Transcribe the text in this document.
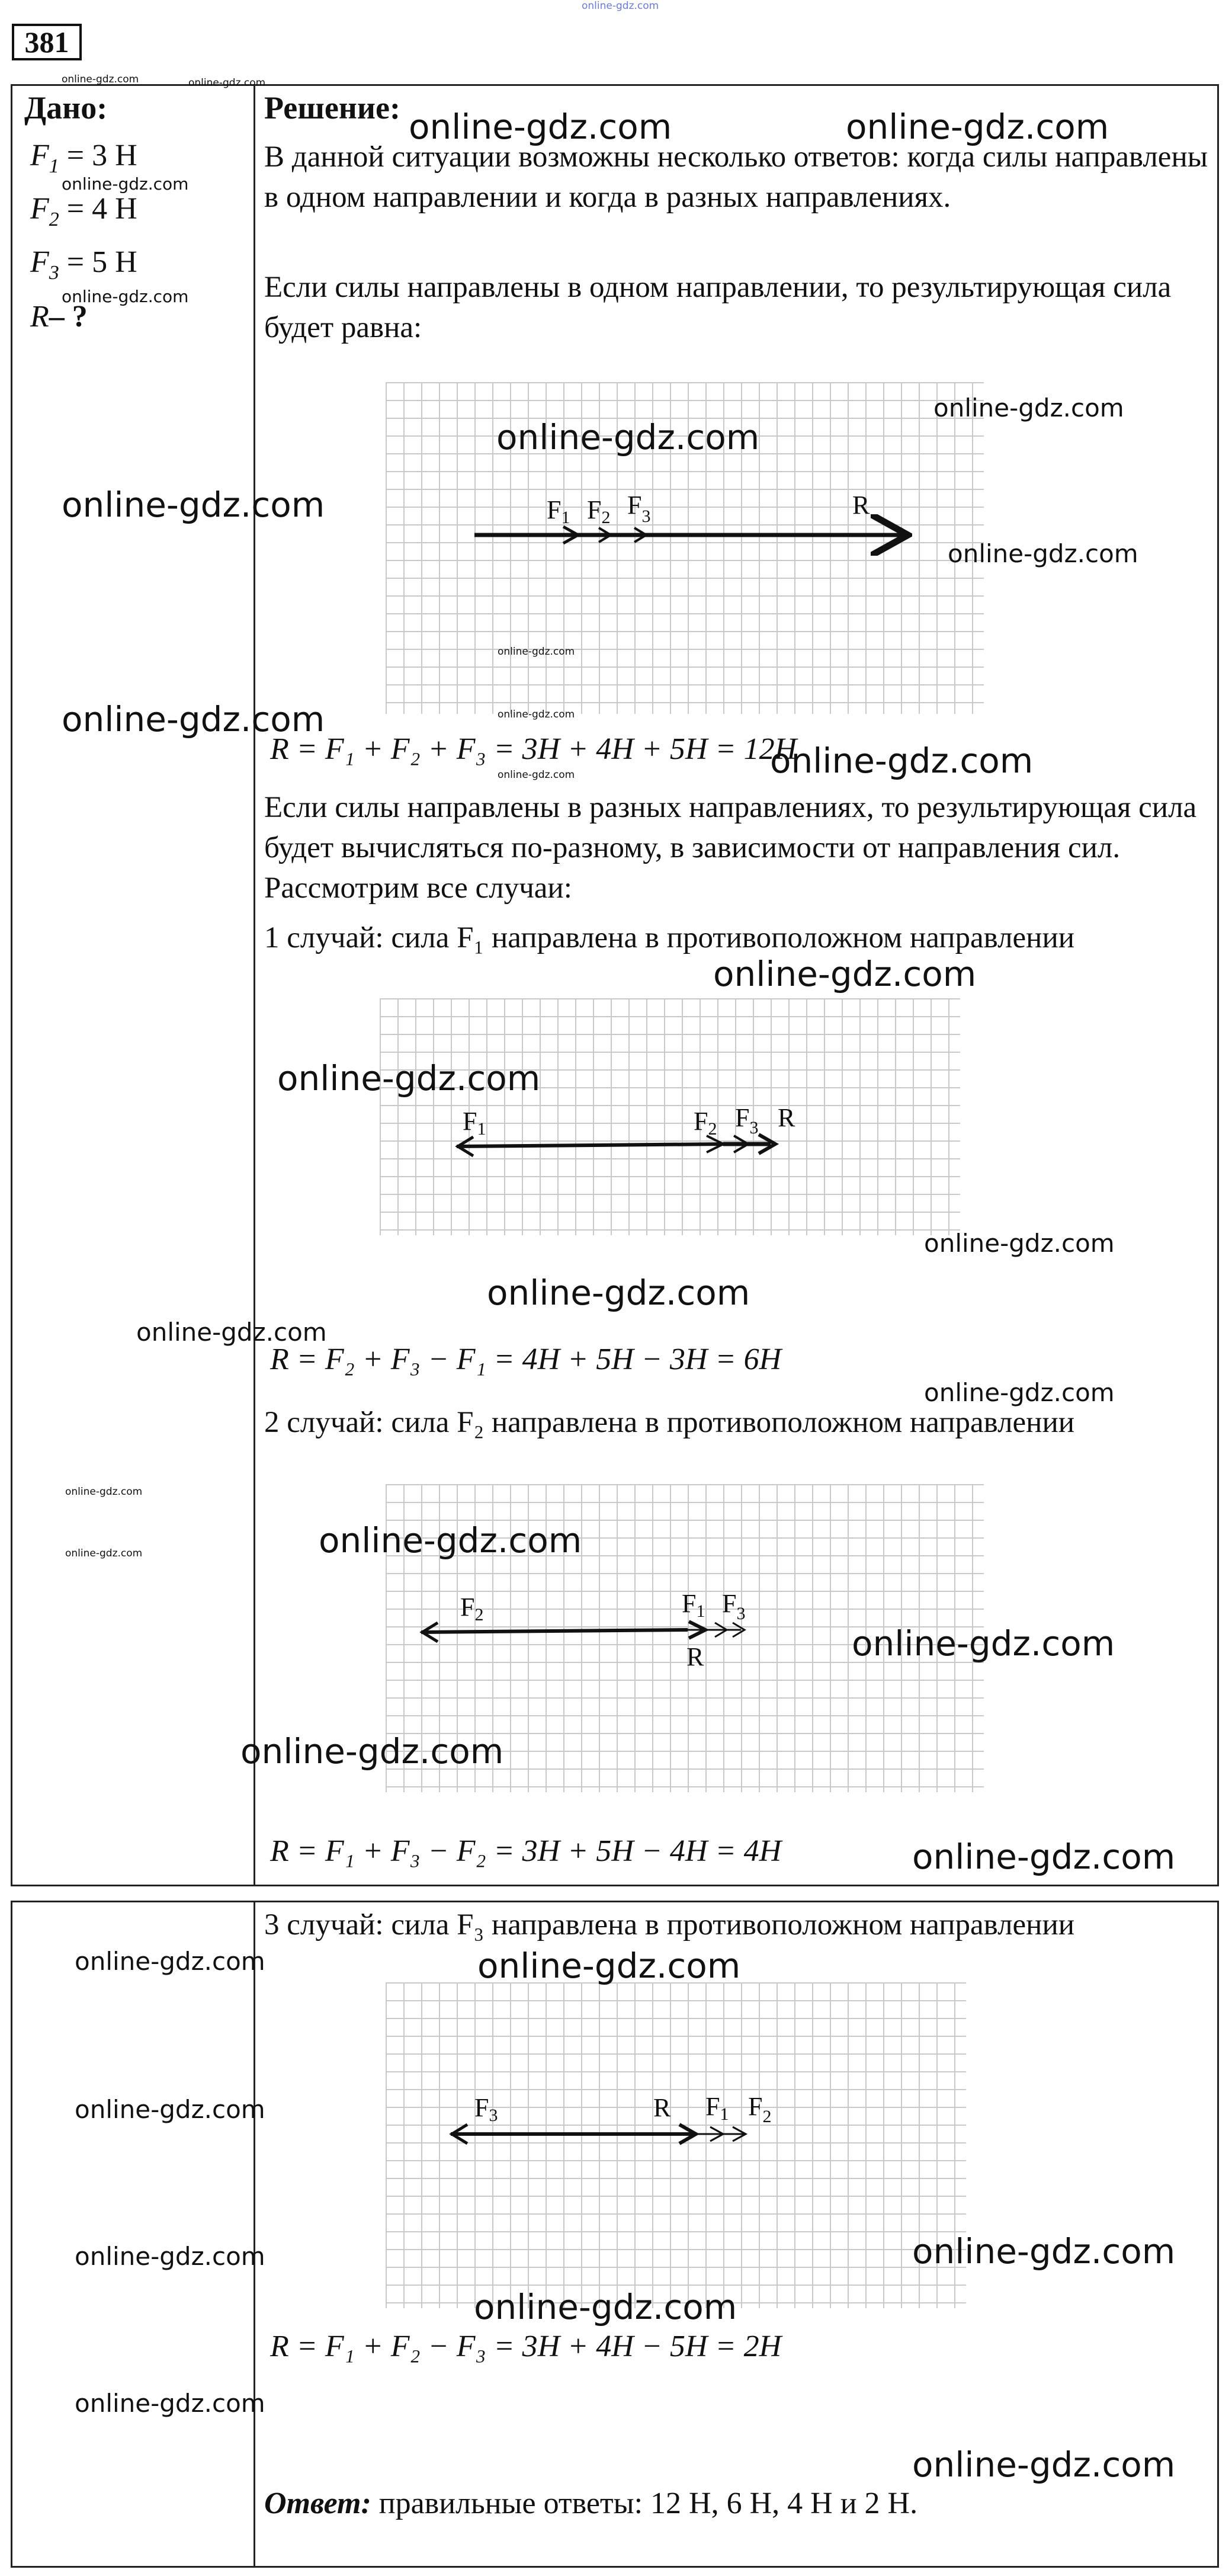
online-gdz.com
381
Дано:
$F_1 = 3$ Н
$F_2 = 4$ Н
$F_3 = 5$ Н
R– ?
Решение:
В данной ситуации возможны несколько ответов: когда силы направлены в одном направлении и когда в разных направлениях.
Если силы направлены в одном направлении, то результирующая сила будет равна:
F1 F2 $F_3$	R
R = F₁ + F₂ + F₃ = 3H + 4H + 5H = 12H
Если силы направлены в разных направлениях, то результирующая сила будет вычисляться по-разному, в зависимости от направления сил. Рассмотрим все случаи:
1 случай: сила F₁ направлена в противоположном направлении
F1	F2 $F_3$ R
R = F₂ + F₃ − F₁ = 4H + 5H − 3H = 6H
2 случай: сила F₂ направлена в противоположном направлении
F2	F1 $F_3$
R
R = F₁ + F₃ − F₂ = 3H + 5H − 4H = 4H
3 случай: сила F₃ направлена в противоположном направлении
F3	R F1 $F_2$
R = F₁ + F₂ − F₃ = 3H + 4H − 5H = 2H
Ответ: правильные ответы: 12 Н, 6 Н, 4 Н и 2 Н.
online-gdz.com	online-gdz.com
online-gdz.com	online-gdz.com
online-gdz.com
online-gdz.com
online-gdz.com
online-gdz.com
online-gdz.com
online-gdz.com
online-gdz.com
online-gdz.com	online-gdz.com
online-gdz.com	online-gdz.com
online-gdz.com
online-gdz.com
online-gdz.com
online-gdz.com
online-gdz.com
online-gdz.com
online-gdz.com
online-gdz.com
online-gdz.com
online-gdz.com
online-gdz.com
online-gdz.com
online-gdz.com	online-gdz.com
online-gdz.com
online-gdz.com	online-gdz.com
online-gdz.com
online-gdz.com
online-gdz.com
